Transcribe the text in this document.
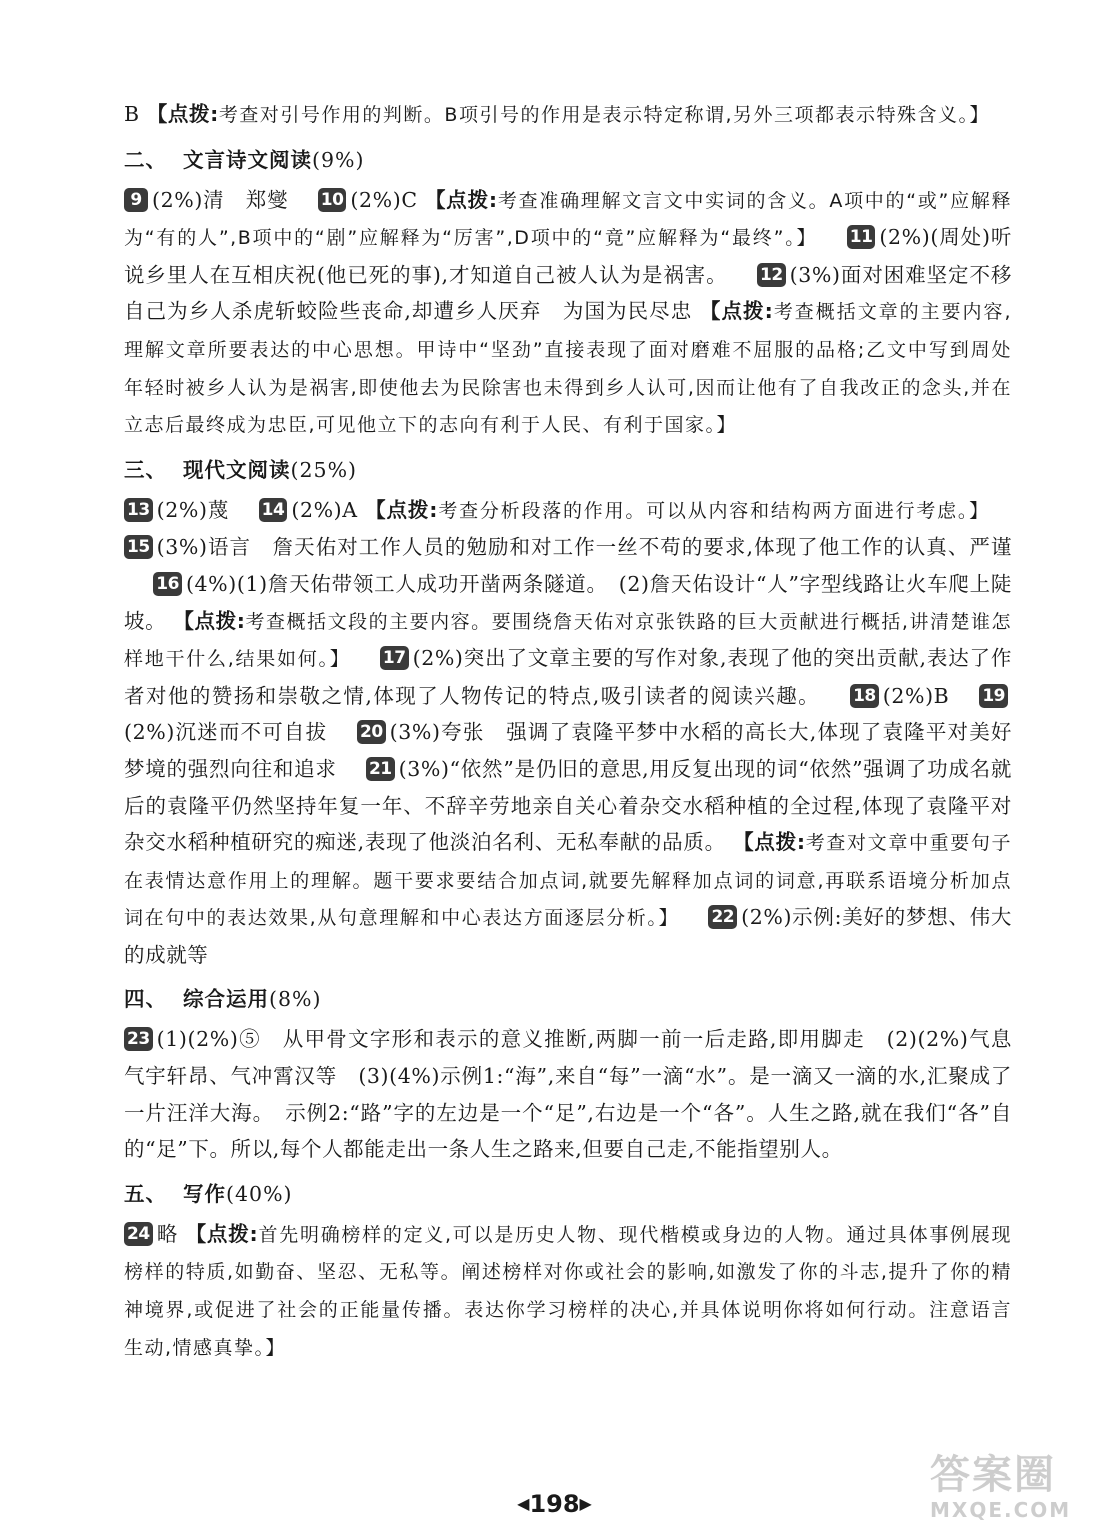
B 【点拨:考查对引号作用的判断。B项引号的作用是表示特定称谓,另外三项都表示特殊含义。】

二、 文言诗文阅读(9%)

9 (2%)清　郑燮 10 (2%)C 【点拨:考查准确理解文言文中实词的含义。A项中的“或”应解释为“有的人”,B项中的“剧”应解释为“厉害”,D项中的“竟”应解释为“最终”。】 11 (2%)(周处)听说乡里人在互相庆祝(他已死的事),才知道自己被人认为是祸害。 12 (3%)面对困难坚定不移　自己为乡人杀虎斩蛟险些丧命,却遭乡人厌弃　为国为民尽忠 【点拨:考查概括文章的主要内容,理解文章所要表达的中心思想。甲诗中“坚劲”直接表现了面对磨难不屈服的品格;乙文中写到周处年轻时被乡人认为是祸害,即使他去为民除害也未得到乡人认可,因而让他有了自我改正的念头,并在立志后最终成为忠臣,可见他立下的志向有利于人民、有利于国家。】

三、 现代文阅读(25%)

13 (2%)蔑 14 (2%)A 【点拨:考查分析段落的作用。可以从内容和结构两方面进行考虑。】 15 (3%)语言　詹天佑对工作人员的勉励和对工作一丝不苟的要求,体现了他工作的认真、严谨 16 (4%)(1)詹天佑带领工人成功开凿两条隧道。　(2)詹天佑设计“人”字型线路让火车爬上陡坡。 【点拨:考查概括文段的主要内容。要围绕詹天佑对京张铁路的巨大贡献进行概括,讲清楚谁怎样地干什么,结果如何。】 17 (2%)突出了文章主要的写作对象,表现了他的突出贡献,表达了作者对他的赞扬和崇敬之情,体现了人物传记的特点,吸引读者的阅读兴趣。 18 (2%)B 19(2%)沉迷而不可自拔 20 (3%)夸张　强调了袁隆平梦中水稻的高长大,体现了袁隆平对美好梦境的强烈向往和追求 21 (3%)“依然”是仍旧的意思,用反复出现的词“依然”强调了功成名就后的袁隆平仍然坚持年复一年、不辞辛劳地亲自关心着杂交水稻种植的全过程,体现了袁隆平对杂交水稻种植研究的痴迷,表现了他淡泊名利、无私奉献的品质。 【点拨:考查对文章中重要句子在表情达意作用上的理解。题干要求要结合加点词,就要先解释加点词的词意,再联系语境分析加点词在句中的表达效果,从句意理解和中心表达方面逐层分析。】 22 (2%)示例:美好的梦想、伟大的成就等

四、 综合运用(8%)

23 (1)(2%)⑤　从甲骨文字形和表示的意义推断,两脚一前一后走路,即用脚走　(2)(2%)气息　气宇轩昂、气冲霄汉等　(3)(4%)示例1:“海”,来自“每”一滴“水”。是一滴又一滴的水,汇聚成了一片汪洋大海。　示例2:“路”字的左边是一个“足”,右边是一个“各”。人生之路,就在我们“各”自的“足”下。所以,每个人都能走出一条人生之路来,但要自己走,不能指望别人。

五、 写作(40%)

24 略 【点拨:首先明确榜样的定义,可以是历史人物、现代楷模或身边的人物。通过具体事例展现榜样的特质,如勤奋、坚忍、无私等。阐述榜样对你或社会的影响,如激发了你的斗志,提升了你的精神境界,或促进了社会的正能量传播。表达你学习榜样的决心,并具体说明你将如何行动。注意语言生动,情感真挚。】

◀198▶
答案圈
MXQE.COM
